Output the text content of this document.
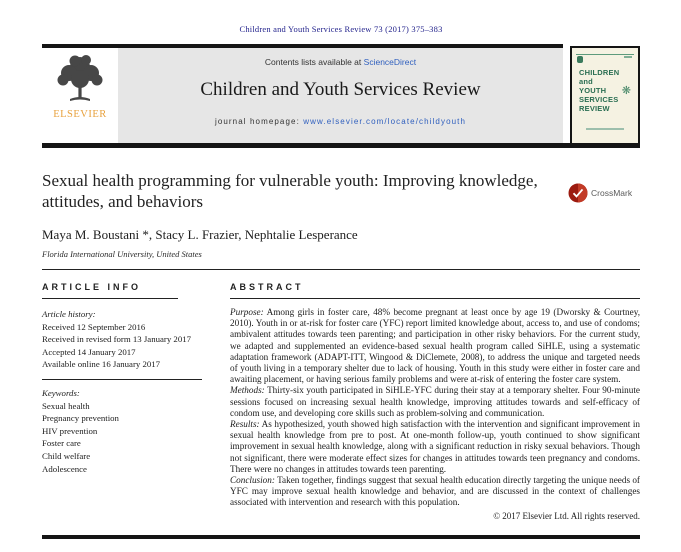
Children and Youth Services Review 73 (2017) 375–383
ELSEVIER
Contents lists available at ScienceDirect
Children and Youth Services Review
journal homepage: www.elsevier.com/locate/childyouth
CHILDREN
and
YOUTH
SERVICES
REVIEW
❋
Sexual health programming for vulnerable youth: Improving knowledge, attitudes, and behaviors	CrossMark
Maya M. Boustani *, Stacy L. Frazier, Nephtalie Lesperance
Florida International University, United States
ARTICLE INFO
Article history:
Received 12 September 2016
Received in revised form 13 January 2017
Accepted 14 January 2017
Available online 16 January 2017
Keywords:
Sexual health
Pregnancy prevention
HIV prevention
Foster care
Child welfare
Adolescence
ABSTRACT

Purpose: Among girls in foster care, 48% become pregnant at least once by age 19 (Dworsky & Courtney, 2010). Youth in or at-risk for foster care (YFC) report limited knowledge about, access to, and use of condoms; ambivalent attitudes towards teen parenting; and participation in other risky behaviors. For the current study, we adapted and supplemented an evidence-based sexual health program called SiHLE, using a systematic adaptation framework (ADAPT-ITT, Wingood & DiClemete, 2008), to address the unique and targeted needs of youth living in a temporary shelter due to lack of housing. Youth in this study were either in foster care and awaiting placement, or having serious family problems and were at-risk of entering the foster care system.

Methods: Thirty-six youth participated in SiHLE-YFC during their stay at a temporary shelter. Four 90-minute sessions focused on increasing sexual health knowledge, improving attitudes towards and self-efficacy of condom use, and developing core skills such as problem-solving and communication.

Results: As hypothesized, youth showed high satisfaction with the intervention and significant improvement in sexual health knowledge from pre to post. At one-month follow-up, youth continued to show significant improvement in sexual health knowledge, along with a significant reduction in risky sexual behaviors. Though not significant, there were moderate effect sizes for changes in attitudes towards teen pregnancy and condoms. There were no changes in attitudes towards teen parenting.

Conclusion: Taken together, findings suggest that sexual health education directly targeting the unique needs of YFC may improve sexual health knowledge and behavior, and are discussed in the context of challenges associated with intervention and research with this population.

© 2017 Elsevier Ltd. All rights reserved.
